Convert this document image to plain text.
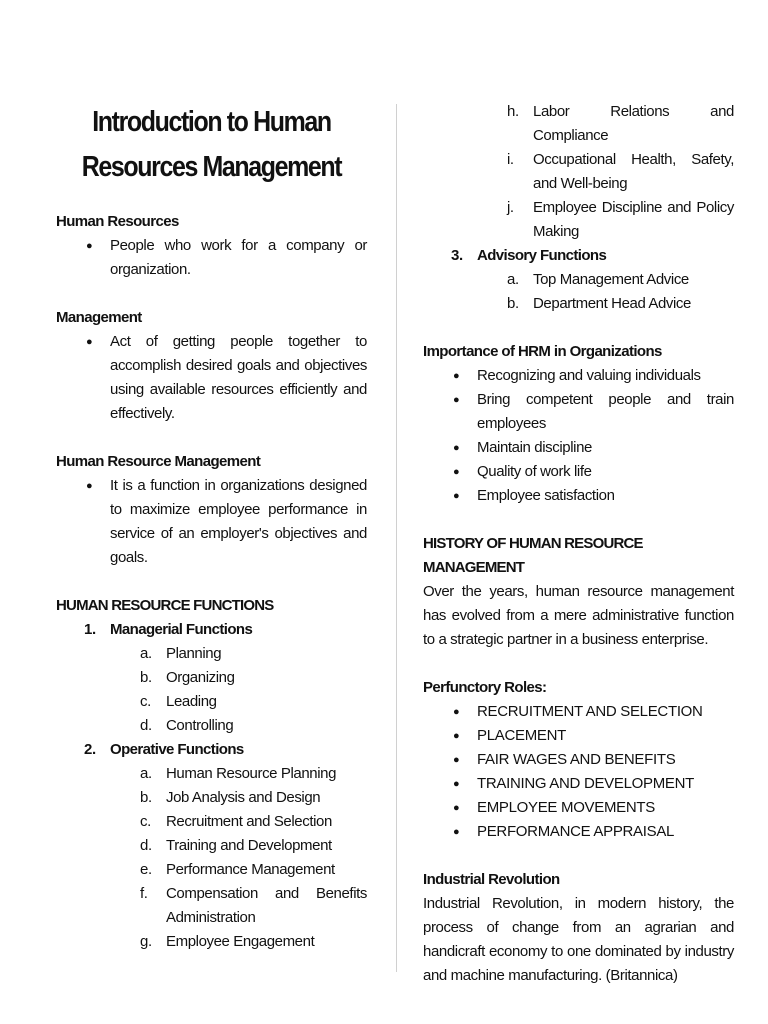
Introduction to Human
Resources Management
Human Resources
● People who work for a company or organization.
Management
● Act of getting people together to accomplish desired goals and objectives using available resources efficiently and effectively.
Human Resource Management
● It is a function in organizations designed to maximize employee performance in service of an employer's objectives and goals.
HUMAN RESOURCE FUNCTIONS
1. Managerial Functions
a. Planning
b. Organizing
c. Leading
d. Controlling
2. Operative Functions
a. Human Resource Planning
b. Job Analysis and Design
c. Recruitment and Selection
d. Training and Development
e. Performance Management
f. Compensation and Benefits Administration
g. Employee Engagement
h. Labor Relations and Compliance
i. Occupational Health, Safety, and Well-being
j. Employee Discipline and Policy Making
3. Advisory Functions
a. Top Management Advice
b. Department Head Advice
Importance of HRM in Organizations
● Recognizing and valuing individuals
● Bring competent people and train employees
● Maintain discipline
● Quality of work life
● Employee satisfaction
HISTORY OF HUMAN RESOURCE MANAGEMENT
Over the years, human resource management has evolved from a mere administrative function to a strategic partner in a business enterprise.
Perfunctory Roles:
● RECRUITMENT AND SELECTION
● PLACEMENT
● FAIR WAGES AND BENEFITS
● TRAINING AND DEVELOPMENT
● EMPLOYEE MOVEMENTS
● PERFORMANCE APPRAISAL
Industrial Revolution
Industrial Revolution, in modern history, the process of change from an agrarian and handicraft economy to one dominated by industry and machine manufacturing. (Britannica)
